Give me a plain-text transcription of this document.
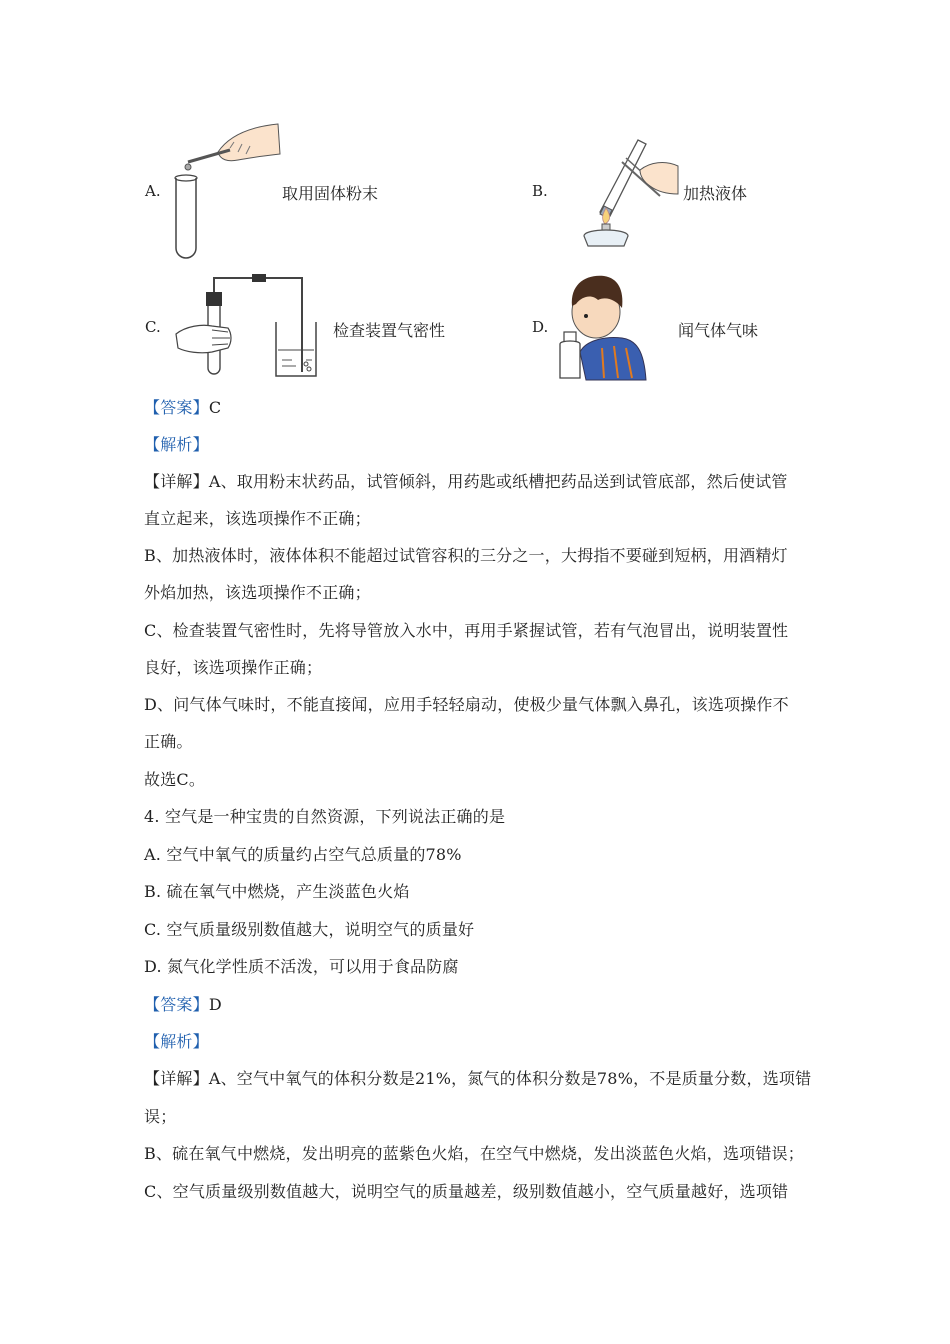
A.	取用固体粉末	B.	加热液体
C.	检查装置气密性	D.	闻气体气味
【答案】C
【解析】
【详解】A、取用粉末状药品，试管倾斜，用药匙或纸槽把药品送到试管底部，然后使试管
直立起来，该选项操作不正确；
B、加热液体时，液体体积不能超过试管容积的三分之一，大拇指不要碰到短柄，用酒精灯
外焰加热，该选项操作不正确；
C、检查装置气密性时，先将导管放入水中，再用手紧握试管，若有气泡冒出，说明装置性
良好，该选项操作正确；
D、问气体气味时，不能直接闻，应用手轻轻扇动，使极少量气体飘入鼻孔，该选项操作不
正确。
故选C。
4. 空气是一种宝贵的自然资源，下列说法正确的是
A. 空气中氧气的质量约占空气总质量的78%
B. 硫在氧气中燃烧，产生淡蓝色火焰
C. 空气质量级别数值越大，说明空气的质量好
D. 氮气化学性质不活泼，可以用于食品防腐
【答案】D
【解析】
【详解】A、空气中氧气的体积分数是21%，氮气的体积分数是78%，不是质量分数，选项错
误；
B、硫在氧气中燃烧，发出明亮的蓝紫色火焰，在空气中燃烧，发出淡蓝色火焰，选项错误；
C、空气质量级别数值越大，说明空气的质量越差，级别数值越小，空气质量越好，选项错
